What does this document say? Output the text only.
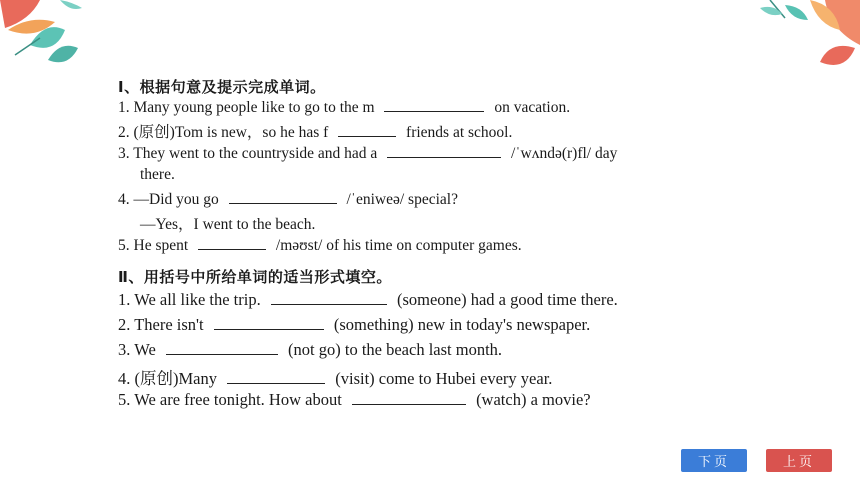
Ⅰ、根据句意及提示完成单词。
1. Many young people like to go to the m	on vacation.
2. (原创)Tom is new，so he has f	friends at school.
3. They went to the countryside and had a	/ˈwʌndə(r)fl/ day
there.
4. —Did you go	/ˈeniweə/ special?
—Yes，I went to the beach.
5. He spent	/məʊst/ of his time on computer games.
Ⅱ、用括号中所给单词的适当形式填空。
1. We all like the trip.	(someone) had a good time there.
2. There isn't	(something) new in today's newspaper.
3. We	(not go) to the beach last month.
4. (原创)Many	(visit) come to Hubei every year.
5. We are free tonight. How about	(watch) a movie?
下页	上页
